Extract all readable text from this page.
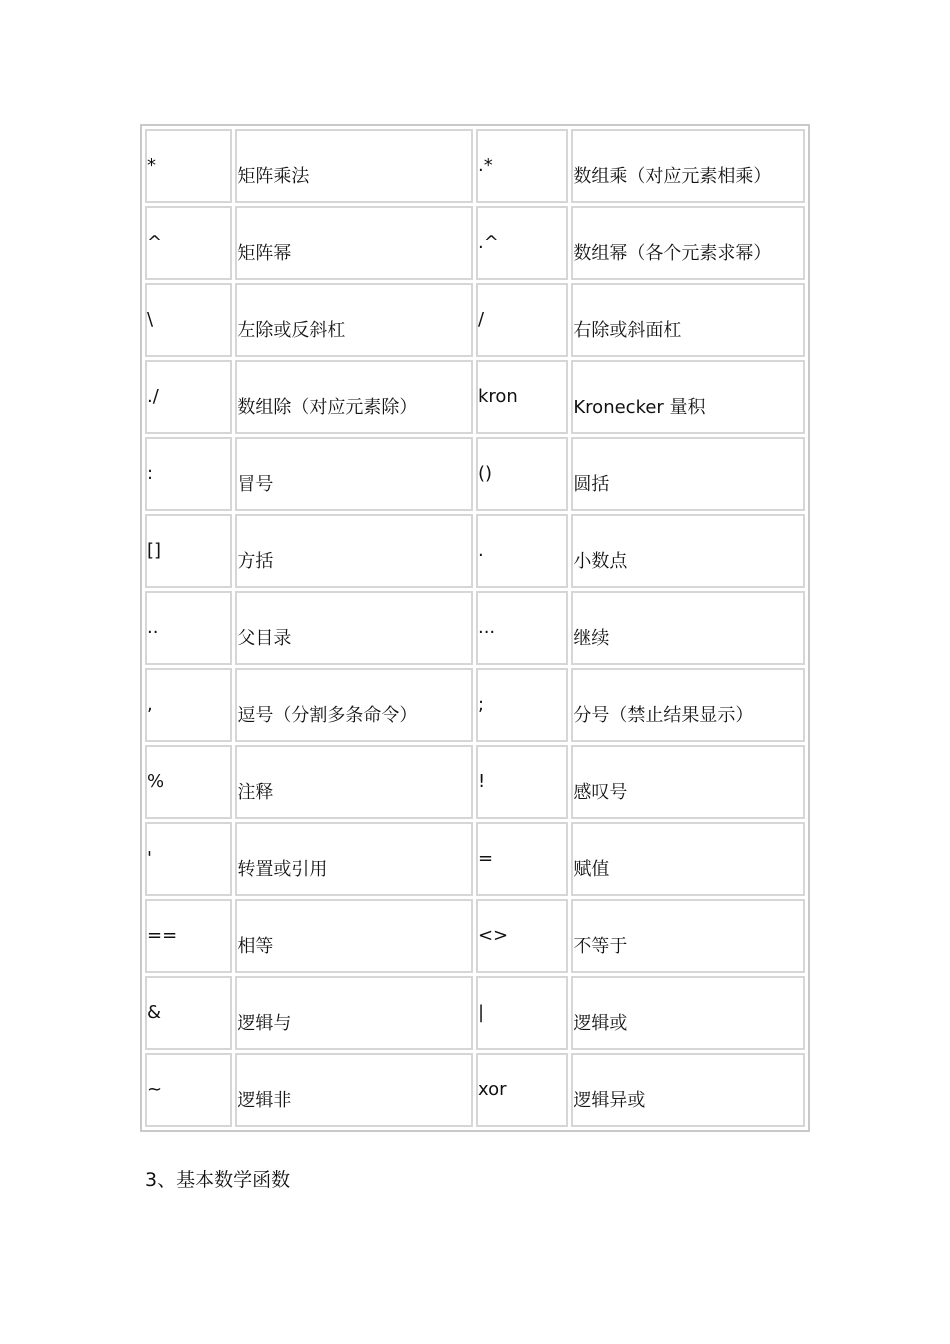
*	矩阵乘法	.*	数组乘（对应元素相乘）

^	矩阵幂	.^	数组幂（各个元素求幂）

\	左除或反斜杠	/	右除或斜面杠

./	数组除（对应元素除）	kron	Kronecker 量积

:	冒号	()	圆括

[]	方括	.	小数点

..	父目录	...	继续

,	逗号（分割多条命令）	;	分号（禁止结果显示）

%	注释	!	感叹号

'	转置或引用	=	赋值

==	相等	<>	不等于

&	逻辑与	|	逻辑或

~	逻辑非	xor	逻辑异或
3、基本数学函数
